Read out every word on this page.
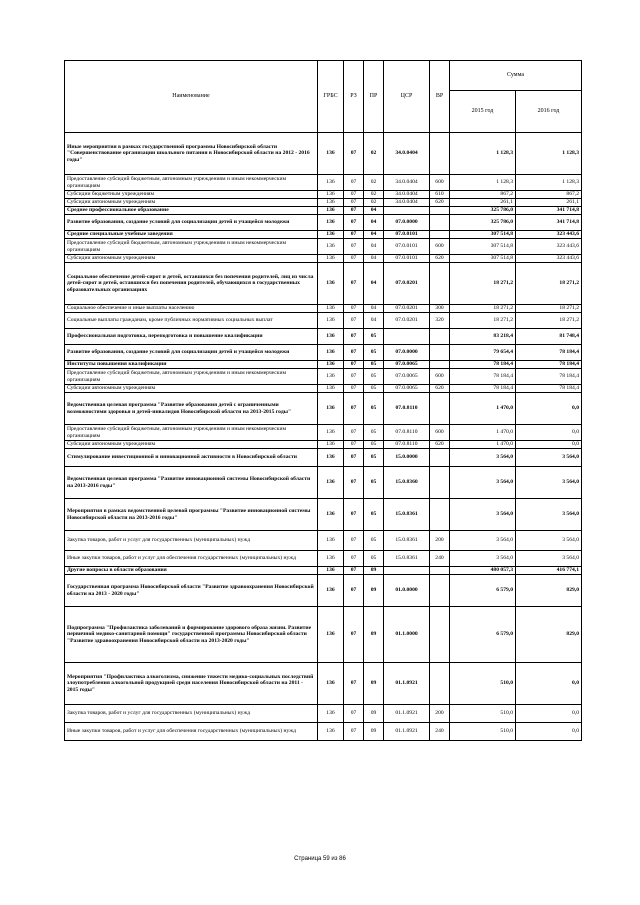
Наименование	ГРБС	РЗ	ПР	ЦСР	ВР	Сумма	
						2015 год	2016 год
Иные мероприятия в рамках государственной программы Новосибирской области "Совершенствование организации школьного питания в Новосибирской области на 2012 - 2016 годы"	136	07	02	34.0.0404		1 128,3	1 128,3
Предоставление субсидий бюджетным, автономным учреждениям и иным некоммерческим организациям	136	07	02	34.0.0404	600	1 128,3	1 128,3
Субсидии бюджетным учреждениям	136	07	02	34.0.0404	610	867,2	867,2
Субсидии автономным учреждениям	136	07	02	34.0.0404	620	261,1	261,1
Среднее профессиональное образование	136	07	04			325 786,0	341 714,8
Развитие образования, создание условий для социализации детей и учащейся молодежи	136	07	04	07.0.0000		325 786,0	341 714,8
Средние специальные учебные заведения	136	07	04	07.0.0101		307 514,8	323 443,6
Предоставление субсидий бюджетным, автономным учреждениям и иным некоммерческим организациям	136	07	04	07.0.0101	600	307 514,8	323 443,6
Субсидии автономным учреждениям	136	07	04	07.0.0101	620	307 514,8	323 443,6
Социальное обеспечение детей-сирот и детей, оставшихся без попечения родителей, лиц из числа детей-сирот и детей, оставшихся без попечения родителей, обучающихся в государственных образовательных организациях	136	07	04	07.0.0201		18 271,2	18 271,2
Социальное обеспечение и иные выплаты населению	136	07	04	07.0.0201	300	18 271,2	18 271,2
Социальные выплаты гражданам, кроме публичных нормативных социальных выплат	136	07	04	07.0.0201	320	18 271,2	18 271,2
Профессиональная подготовка, переподготовка и повышение квалификации	136	07	05			83 218,4	81 748,4
Развитие образования, создание условий для социализации детей и учащейся молодежи	136	07	05	07.0.0000		79 654,4	78 184,4
Институты повышения квалификации	136	07	05	07.0.0065		78 184,4	78 184,4
Предоставление субсидий бюджетным, автономным учреждениям и иным некоммерческим организациям	136	07	05	07.0.0065	600	78 184,4	78 184,4
Субсидии автономным учреждениям	136	07	05	07.0.0065	620	78 184,4	78 184,4
Ведомственная целевая программа "Развитие образования детей с ограниченными возможностями здоровья и детей-инвалидов Новосибирской области на 2013-2015 годы"	136	07	05	07.0.8110		1 470,0	0,0
Предоставление субсидий бюджетным, автономным учреждениям и иным некоммерческим организациям	136	07	05	07.0.8110	600	1 470,0	0,0
Субсидии автономным учреждениям	136	07	05	07.0.8110	620	1 470,0	0,0
Стимулирование инвестиционной и инновационной активности в Новосибирской области	136	07	05	15.0.0000		3 564,0	3 564,0
Ведомственная целевая программа "Развитие инновационной системы Новосибирской области на 2013-2016 годы"	136	07	05	15.0.8360		3 564,0	3 564,0
Мероприятия в рамках ведомственной целевой программы "Развитие инновационной системы Новосибирской области на 2013-2016 годы"	136	07	05	15.0.8361		3 564,0	3 564,0
Закупка товаров, работ и услуг для государственных (муниципальных) нужд	136	07	05	15.0.8361	200	3 564,0	3 564,0
Иные закупки товаров, работ и услуг для обеспечения государственных (муниципальных) нужд	136	07	05	15.0.8361	240	3 564,0	3 564,0
Другие вопросы в области образования	136	07	09			480 057,3	416 774,1
Государственная программа Новосибирской области "Развитие здравоохранения Новосибирской области на 2013 - 2020 годы"	136	07	09	01.0.0000		6 579,0	829,0
Подпрограмма "Профилактика заболеваний и формирование здорового образа жизни. Развитие первичной медико-санитарной помощи" государственной программы Новосибирской области "Развитие здравоохранения Новосибирской области на 2013-2020 годы"	136	07	09	01.1.0000		6 579,0	829,0
Мероприятия "Профилактика алкоголизма, снижение тяжести медико-социальных последствий злоупотребления алкогольной продукцией среди населения Новосибирской области на 2011 - 2015 годы"	136	07	09	01.1.0921		510,0	0,0
Закупка товаров, работ и услуг для государственных (муниципальных) нужд	136	07	09	01.1.0921	200	510,0	0,0
Иные закупки товаров, работ и услуг для обеспечения государственных (муниципальных) нужд	136	07	09	01.1.0921	240	510,0	0,0
Страница 59 из 86
